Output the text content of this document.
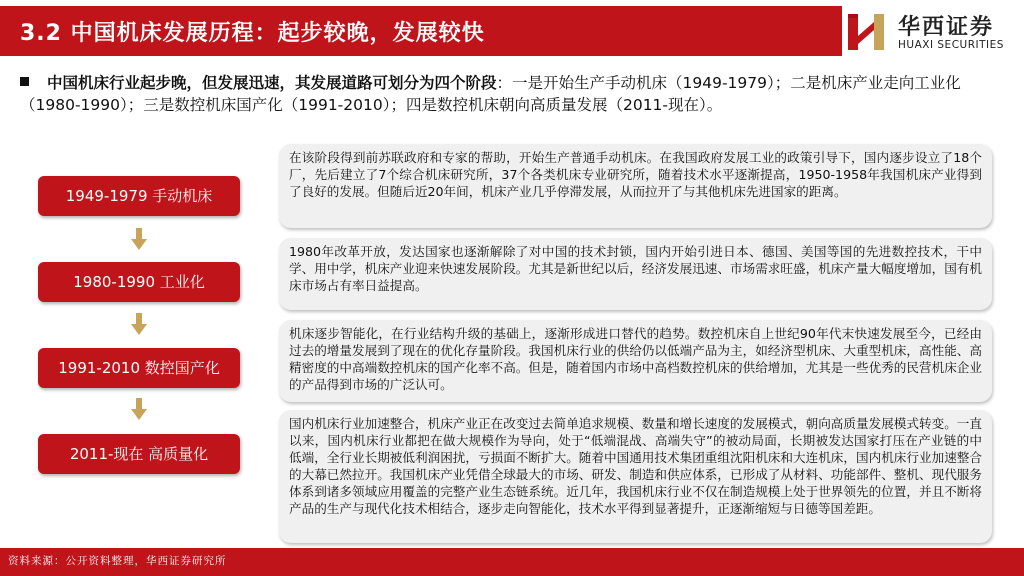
3.2 中国机床发展历程：起步较晚，发展较快	华西证券
HUAXI SECURITIES
中国机床行业起步晚，但发展迅速，其发展道路可划分为四个阶段：一是开始生产手动机床（1949-1979）；二是机床产业走向工业化（1980-1990）；三是数控机床国产化（1991-2010）；四是数控机床朝向高质量发展（2011-现在）。
在该阶段得到前苏联政府和专家的帮助，开始生产普通手动机床。在我国政府发展工业的政策引导下，国内逐步设立了18个厂，先后建立了7个综合机床研究所，37个各类机床专业研究所，随着技术水平逐渐提高，1950-1958年我国机床产业得到了良好的发展。但随后近20年间，机床产业几乎停滞发展，从而拉开了与其他机床先进国家的距离。
1949-1979 手动机床
1980年改革开放，发达国家也逐渐解除了对中国的技术封锁，国内开始引进日本、德国、美国等国的先进数控技术，干中学、用中学，机床产业迎来快速发展阶段。尤其是新世纪以后，经济发展迅速、市场需求旺盛，机床产量大幅度增加，国有机床市场占有率日益提高。
1980-1990 工业化
机床逐步智能化，在行业结构升级的基础上，逐渐形成进口替代的趋势。数控机床自上世纪90年代末快速发展至今，已经由过去的增量发展到了现在的优化存量阶段。我国机床行业的供给仍以低端产品为主，如经济型机床、大重型机床，高性能、高精密度的中高端数控机床的国产化率不高。但是，随着国内市场中高档数控机床的供给增加，尤其是一些优秀的民营机床企业的产品得到市场的广泛认可。
1991-2010 数控国产化
国内机床行业加速整合，机床产业正在改变过去简单追求规模、数量和增长速度的发展模式，朝向高质量发展模式转变。一直以来，国内机床行业都把在做大规模作为导向，处于“低端混战、高端失守”的被动局面，长期被发达国家打压在产业链的中低端，全行业长期被低利润困扰，亏损面不断扩大。随着中国通用技术集团重组沈阳机床和大连机床，国内机床行业加速整合的大幕已然拉开。我国机床产业凭借全球最大的市场、研发、制造和供应体系，已形成了从材料、功能部件、整机、现代服务体系到诸多领域应用覆盖的完整产业生态链系统。近几年，我国机床行业不仅在制造规模上处于世界领先的位置，并且不断将产品的生产与现代化技术相结合，逐步走向智能化，技术水平得到显著提升，正逐渐缩短与日德等国差距。
2011-现在 高质量化
资料来源：公开资料整理，华西证券研究所
